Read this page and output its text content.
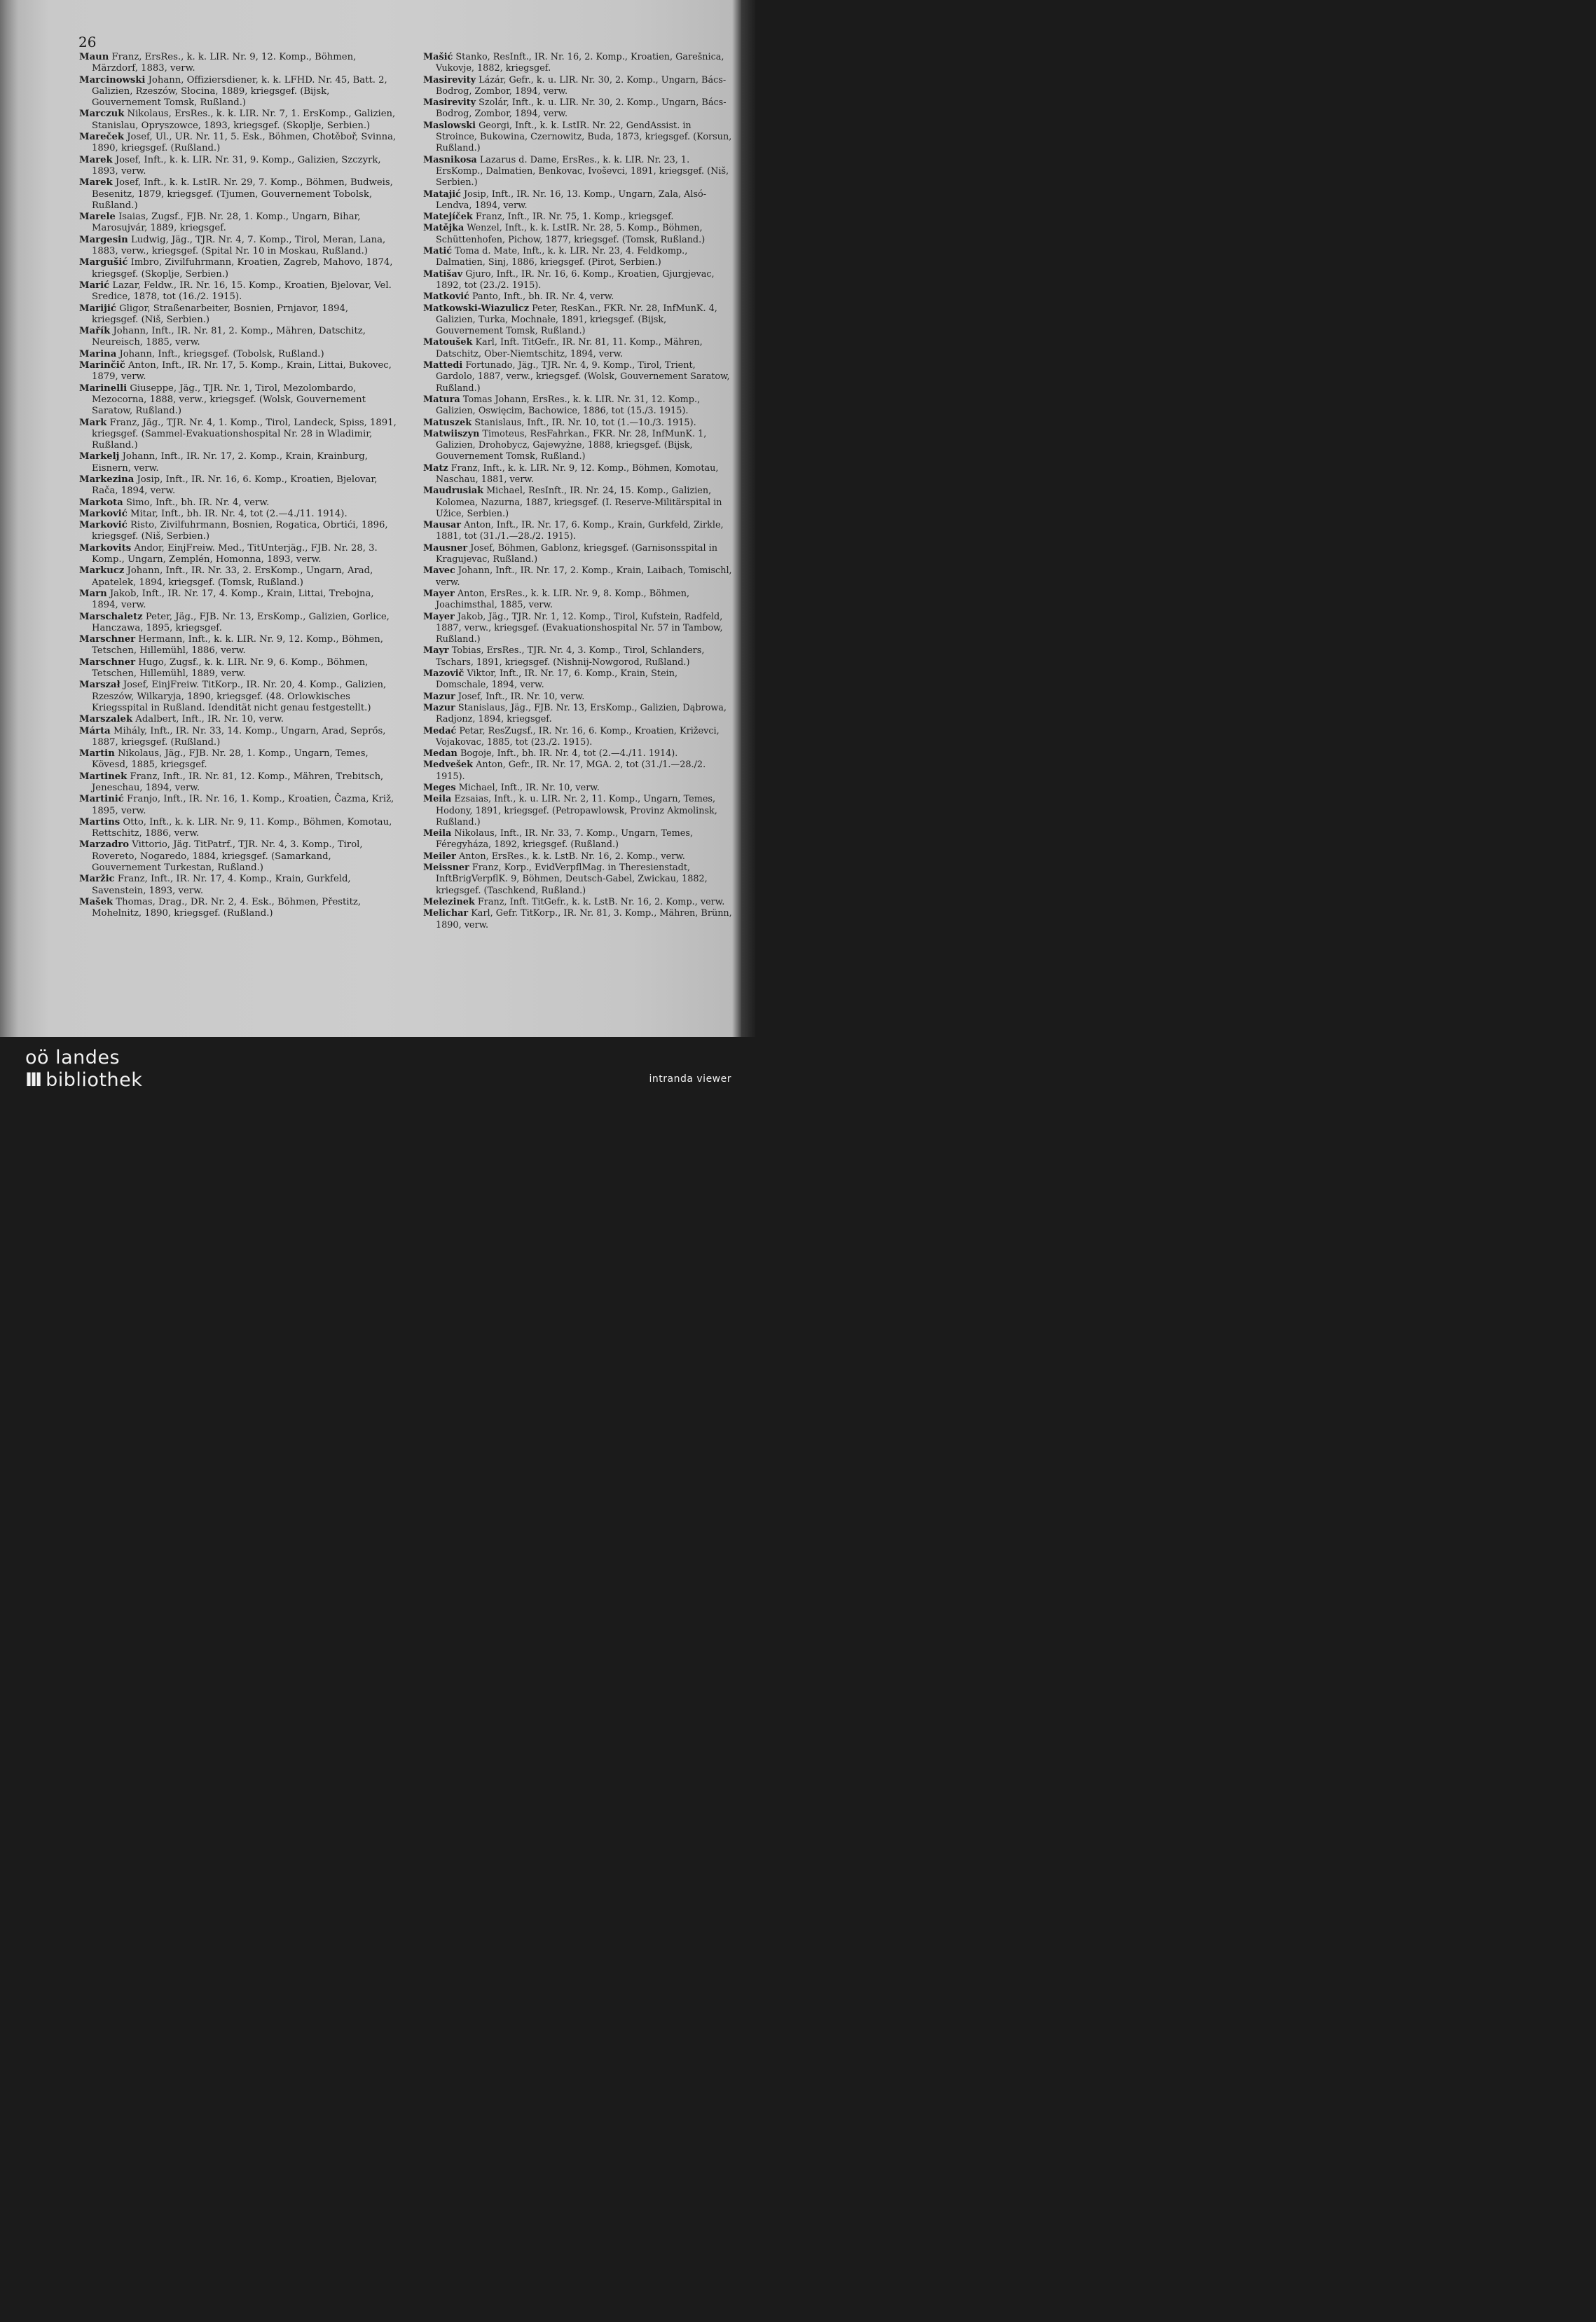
26

Maun Franz, ErsRes., k. k. LIR. Nr. 9, 12. Komp., Böhmen, Märzdorf, 1883, verw.

Marcinowski Johann, Offiziersdiener, k. k. LFHD. Nr. 45, Batt. 2, Galizien, Rzeszów, Słocina, 1889, kriegsgef. (Bijsk, Gouvernement Tomsk, Rußland.)

Marczuk Nikolaus, ErsRes., k. k. LIR. Nr. 7, 1. ErsKomp., Galizien, Stanislau, Opryszowce, 1893, kriegsgef. (Skoplje, Serbien.)

Mareček Josef, Ul., UR. Nr. 11, 5. Esk., Böhmen, Chotěboř, Svinna, 1890, kriegsgef. (Rußland.)

Marek Josef, Inft., k. k. LIR. Nr. 31, 9. Komp., Galizien, Szczyrk, 1893, verw.

Marek Josef, Inft., k. k. LstIR. Nr. 29, 7. Komp., Böhmen, Budweis, Besenitz, 1879, kriegsgef. (Tjumen, Gouvernement Tobolsk, Rußland.)

Marele Isaias, Zugsf., FJB. Nr. 28, 1. Komp., Ungarn, Bihar, Marosujvár, 1889, kriegsgef.

Margesin Ludwig, Jäg., TJR. Nr. 4, 7. Komp., Tirol, Meran, Lana, 1883, verw., kriegsgef. (Spital Nr. 10 in Moskau, Rußland.)

Margušić Imbro, Zivilfuhrmann, Kroatien, Zagreb, Mahovo, 1874, kriegsgef. (Skoplje, Serbien.)

Marić Lazar, Feldw., IR. Nr. 16, 15. Komp., Kroatien, Bjelovar, Vel. Sredice, 1878, tot (16./2. 1915).

Marijić Gligor, Straßenarbeiter, Bosnien, Prnjavor, 1894, kriegsgef. (Niš, Serbien.)

Mařík Johann, Inft., IR. Nr. 81, 2. Komp., Mähren, Datschitz, Neureisch, 1885, verw.

Marina Johann, Inft., kriegsgef. (Tobolsk, Rußland.)

Marinčič Anton, Inft., IR. Nr. 17, 5. Komp., Krain, Littai, Bukovec, 1879, verw.

Marinelli Giuseppe, Jäg., TJR. Nr. 1, Tirol, Mezolombardo, Mezocorna, 1888, verw., kriegsgef. (Wolsk, Gouvernement Saratow, Rußland.)

Mark Franz, Jäg., TJR. Nr. 4, 1. Komp., Tirol, Landeck, Spiss, 1891, kriegsgef. (Sammel-Evakuationshospital Nr. 28 in Wladimir, Rußland.)

Markelj Johann, Inft., IR. Nr. 17, 2. Komp., Krain, Krainburg, Eisnern, verw.

Markezina Josip, Inft., IR. Nr. 16, 6. Komp., Kroatien, Bjelovar, Rača, 1894, verw.

Markota Simo, Inft., bh. IR. Nr. 4, verw.

Marković Mitar, Inft., bh. IR. Nr. 4, tot (2.—4./11. 1914).

Marković Risto, Zivilfuhrmann, Bosnien, Rogatica, Obrtići, 1896, kriegsgef. (Niš, Serbien.)

Markovits Andor, EinjFreiw. Med., TitUnterjäg., FJB. Nr. 28, 3. Komp., Ungarn, Zemplén, Homonna, 1893, verw.

Markucz Johann, Inft., IR. Nr. 33, 2. ErsKomp., Ungarn, Arad, Apatelek, 1894, kriegsgef. (Tomsk, Rußland.)

Marn Jakob, Inft., IR. Nr. 17, 4. Komp., Krain, Littai, Trebojna, 1894, verw.

Marschaletz Peter, Jäg., FJB. Nr. 13, ErsKomp., Galizien, Gorlice, Hanczawa, 1895, kriegsgef.

Marschner Hermann, Inft., k. k. LIR. Nr. 9, 12. Komp., Böhmen, Tetschen, Hillemühl, 1886, verw.

Marschner Hugo, Zugsf., k. k. LIR. Nr. 9, 6. Komp., Böhmen, Tetschen, Hillemühl, 1889, verw.

Marszał Josef, EinjFreiw. TitKorp., IR. Nr. 20, 4. Komp., Galizien, Rzeszów, Wilkaryja, 1890, kriegsgef. (48. Orlowkisches Kriegsspital in Rußland. Idendität nicht genau festgestellt.)

Marszalek Adalbert, Inft., IR. Nr. 10, verw.

Márta Mihály, Inft., IR. Nr. 33, 14. Komp., Ungarn, Arad, Seprős, 1887, kriegsgef. (Rußland.)

Martin Nikolaus, Jäg., FJB. Nr. 28, 1. Komp., Ungarn, Temes, Kövesd, 1885, kriegsgef.

Martinek Franz, Inft., IR. Nr. 81, 12. Komp., Mähren, Trebitsch, Jeneschau, 1894, verw.

Martinić Franjo, Inft., IR. Nr. 16, 1. Komp., Kroatien, Čazma, Križ, 1895, verw.

Martins Otto, Inft., k. k. LIR. Nr. 9, 11. Komp., Böhmen, Komotau, Rettschitz, 1886, verw.

Marzadro Vittorio, Jäg. TitPatrf., TJR. Nr. 4, 3. Komp., Tirol, Rovereto, Nogaredo, 1884, kriegsgef. (Samarkand, Gouvernement Turkestan, Rußland.)

Maržic Franz, Inft., IR. Nr. 17, 4. Komp., Krain, Gurkfeld, Savenstein, 1893, verw.

Mašek Thomas, Drag., DR. Nr. 2, 4. Esk., Böhmen, Přestitz, Mohelnitz, 1890, kriegsgef. (Rußland.)

Mašić Stanko, ResInft., IR. Nr. 16, 2. Komp., Kroatien, Garešnica, Vukovje, 1882, kriegsgef.

Masirevity Lázár, Gefr., k. u. LIR. Nr. 30, 2. Komp., Ungarn, Bács-Bodrog, Zombor, 1894, verw.

Masirevity Szolár, Inft., k. u. LIR. Nr. 30, 2. Komp., Ungarn, Bács-Bodrog, Zombor, 1894, verw.

Maslowski Georgi, Inft., k. k. LstIR. Nr. 22, GendAssist. in Stroince, Bukowina, Czernowitz, Buda, 1873, kriegsgef. (Korsun, Rußland.)

Masnikosa Lazarus d. Dame, ErsRes., k. k. LIR. Nr. 23, 1. ErsKomp., Dalmatien, Benkovac, Ivoševci, 1891, kriegsgef. (Niš, Serbien.)

Matajić Josip, Inft., IR. Nr. 16, 13. Komp., Ungarn, Zala, Alsó-Lendva, 1894, verw.

Matejíček Franz, Inft., IR. Nr. 75, 1. Komp., kriegsgef.

Matějka Wenzel, Inft., k. k. LstIR. Nr. 28, 5. Komp., Böhmen, Schüttenhofen, Pichow, 1877, kriegsgef. (Tomsk, Rußland.)

Matić Toma d. Mate, Inft., k. k. LIR. Nr. 23, 4. Feldkomp., Dalmatien, Sinj, 1886, kriegsgef. (Pirot, Serbien.)

Matišav Gjuro, Inft., IR. Nr. 16, 6. Komp., Kroatien, Gjurgjevac, 1892, tot (23./2. 1915).

Matković Panto, Inft., bh. IR. Nr. 4, verw.

Matkowski-Wiazulicz Peter, ResKan., FKR. Nr. 28, InfMunK. 4, Galizien, Turka, Mochnałe, 1891, kriegsgef. (Bijsk, Gouvernement Tomsk, Rußland.)

Matoušek Karl, Inft. TitGefr., IR. Nr. 81, 11. Komp., Mähren, Datschitz, Ober-Niemtschitz, 1894, verw.

Mattedi Fortunado, Jäg., TJR. Nr. 4, 9. Komp., Tirol, Trient, Gardolo, 1887, verw., kriegsgef. (Wolsk, Gouvernement Saratow, Rußland.)

Matura Tomas Johann, ErsRes., k. k. LIR. Nr. 31, 12. Komp., Galizien, Oswięcim, Bachowice, 1886, tot (15./3. 1915).

Matuszek Stanislaus, Inft., IR. Nr. 10, tot (1.—10./3. 1915).

Matwiiszyn Timoteus, ResFahrkan., FKR. Nr. 28, InfMunK. 1, Galizien, Drohobycz, Gajewyżne, 1888, kriegsgef. (Bijsk, Gouvernement Tomsk, Rußland.)

Matz Franz, Inft., k. k. LIR. Nr. 9, 12. Komp., Böhmen, Komotau, Naschau, 1881, verw.

Maudrusiak Michael, ResInft., IR. Nr. 24, 15. Komp., Galizien, Kolomea, Nazurna, 1887, kriegsgef. (I. Reserve-Militärspital in Užice, Serbien.)

Mausar Anton, Inft., IR. Nr. 17, 6. Komp., Krain, Gurkfeld, Zirkle, 1881, tot (31./1.—28./2. 1915).

Mausner Josef, Böhmen, Gablonz, kriegsgef. (Garnisonsspital in Kragujevac, Rußland.)

Mavec Johann, Inft., IR. Nr. 17, 2. Komp., Krain, Laibach, Tomischl, verw.

Mayer Anton, ErsRes., k. k. LIR. Nr. 9, 8. Komp., Böhmen, Joachimsthal, 1885, verw.

Mayer Jakob, Jäg., TJR. Nr. 1, 12. Komp., Tirol, Kufstein, Radfeld, 1887, verw., kriegsgef. (Evakuationshospital Nr. 57 in Tambow, Rußland.)

Mayr Tobias, ErsRes., TJR. Nr. 4, 3. Komp., Tirol, Schlanders, Tschars, 1891, kriegsgef. (Nishnij-Nowgorod, Rußland.)

Mazovič Viktor, Inft., IR. Nr. 17, 6. Komp., Krain, Stein, Domschale, 1894, verw.

Mazur Josef, Inft., IR. Nr. 10, verw.

Mazur Stanislaus, Jäg., FJB. Nr. 13, ErsKomp., Galizien, Dąbrowa, Radjonz, 1894, kriegsgef.

Medać Petar, ResZugsf., IR. Nr. 16, 6. Komp., Kroatien, Križevci, Vojakovac, 1885, tot (23./2. 1915).

Medan Bogoje, Inft., bh. IR. Nr. 4, tot (2.—4./11. 1914).

Medvešek Anton, Gefr., IR. Nr. 17, MGA. 2, tot (31./1.—28./2. 1915).

Meges Michael, Inft., IR. Nr. 10, verw.

Meila Ezsaias, Inft., k. u. LIR. Nr. 2, 11. Komp., Ungarn, Temes, Hodony, 1891, kriegsgef. (Petropawlowsk, Provinz Akmolinsk, Rußland.)

Meila Nikolaus, Inft., IR. Nr. 33, 7. Komp., Ungarn, Temes, Féregyháza, 1892, kriegsgef. (Rußland.)

Meiler Anton, ErsRes., k. k. LstB. Nr. 16, 2. Komp., verw.

Meissner Franz, Korp., EvidVerpflMag. in Theresienstadt, InftBrigVerpflK. 9, Böhmen, Deutsch-Gabel, Zwickau, 1882, kriegsgef. (Taschkend, Rußland.)

Melezinek Franz, Inft. TitGefr., k. k. LstB. Nr. 16, 2. Komp., verw.

Melichar Karl, Gefr. TitKorp., IR. Nr. 81, 3. Komp., Mähren, Brünn, 1890, verw.

oö landes
III bibliothek	intranda viewer
